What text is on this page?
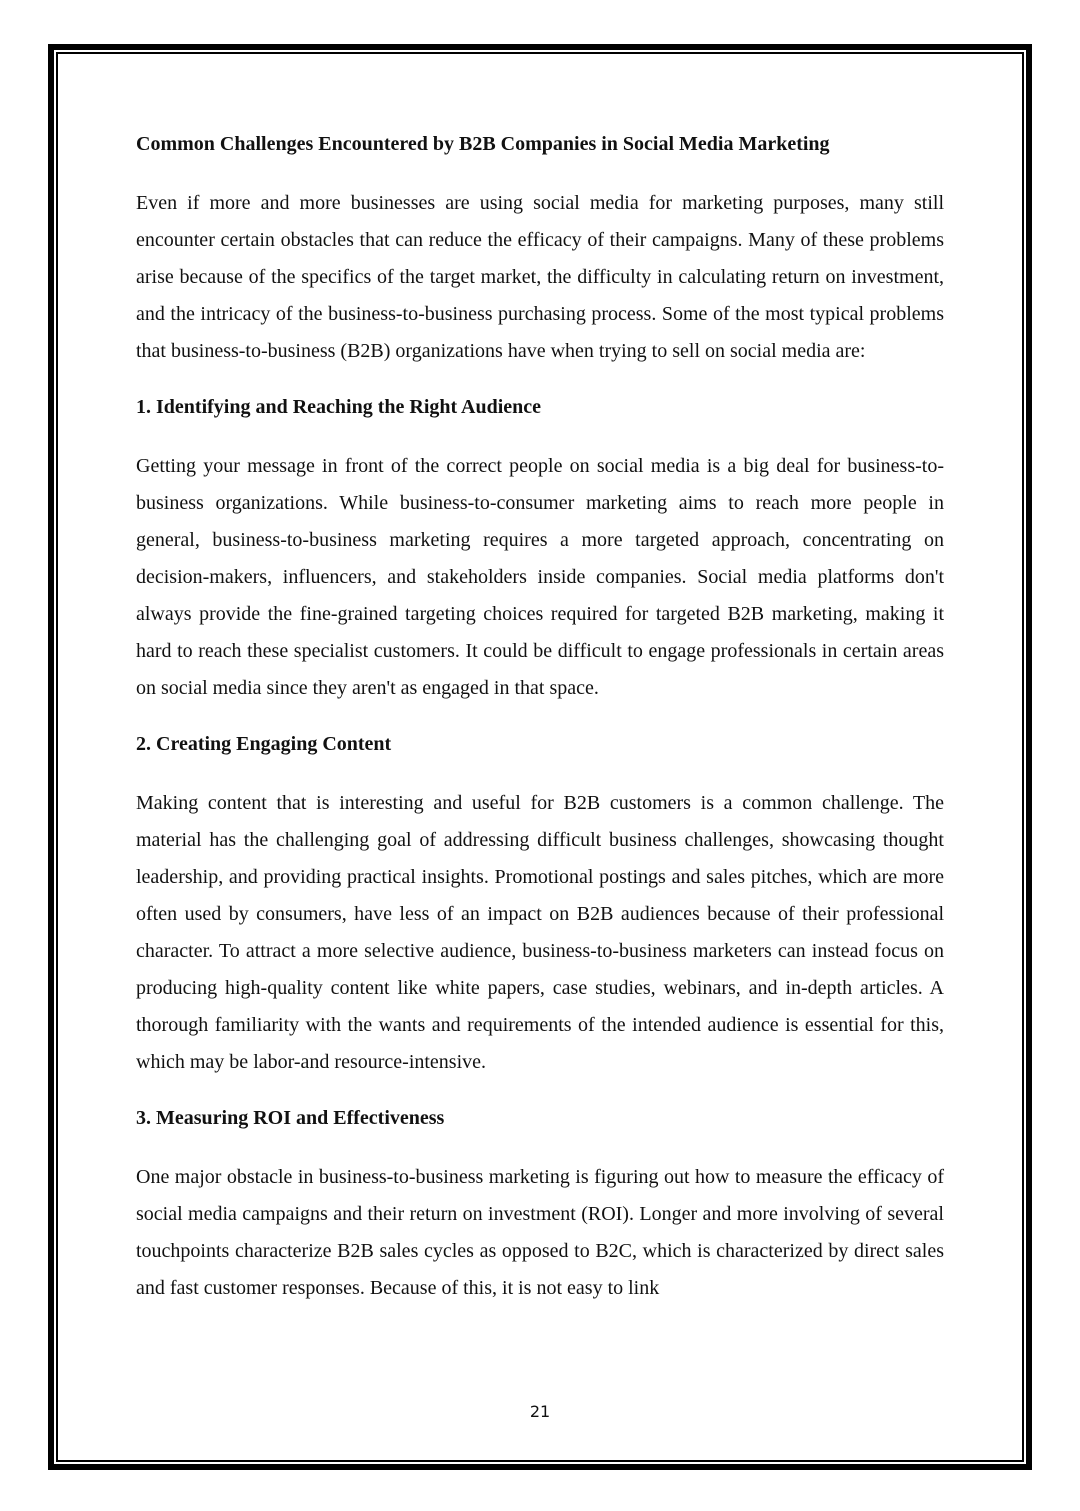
Common Challenges Encountered by B2B Companies in Social Media Marketing

Even if more and more businesses are using social media for marketing purposes, many still encounter certain obstacles that can reduce the efficacy of their campaigns. Many of these problems arise because of the specifics of the target market, the difficulty in calculating return on investment, and the intricacy of the business-to-business purchasing process. Some of the most typical problems that business-to-business (B2B) organizations have when trying to sell on social media are:

1. Identifying and Reaching the Right Audience

Getting your message in front of the correct people on social media is a big deal for business-to-business organizations. While business-to-consumer marketing aims to reach more people in general, business-to-business marketing requires a more targeted approach, concentrating on decision-makers, influencers, and stakeholders inside companies. Social media platforms don't always provide the fine-grained targeting choices required for targeted B2B marketing, making it hard to reach these specialist customers. It could be difficult to engage professionals in certain areas on social media since they aren't as engaged in that space.

2. Creating Engaging Content

Making content that is interesting and useful for B2B customers is a common challenge. The material has the challenging goal of addressing difficult business challenges, showcasing thought leadership, and providing practical insights. Promotional postings and sales pitches, which are more often used by consumers, have less of an impact on B2B audiences because of their professional character. To attract a more selective audience, business-to-business marketers can instead focus on producing high-quality content like white papers, case studies, webinars, and in-depth articles. A thorough familiarity with the wants and requirements of the intended audience is essential for this, which may be labor-and resource-intensive.

3. Measuring ROI and Effectiveness

One major obstacle in business-to-business marketing is figuring out how to measure the efficacy of social media campaigns and their return on investment (ROI). Longer and more involving of several touchpoints characterize B2B sales cycles as opposed to B2C, which is characterized by direct sales and fast customer responses. Because of this, it is not easy to link

21
